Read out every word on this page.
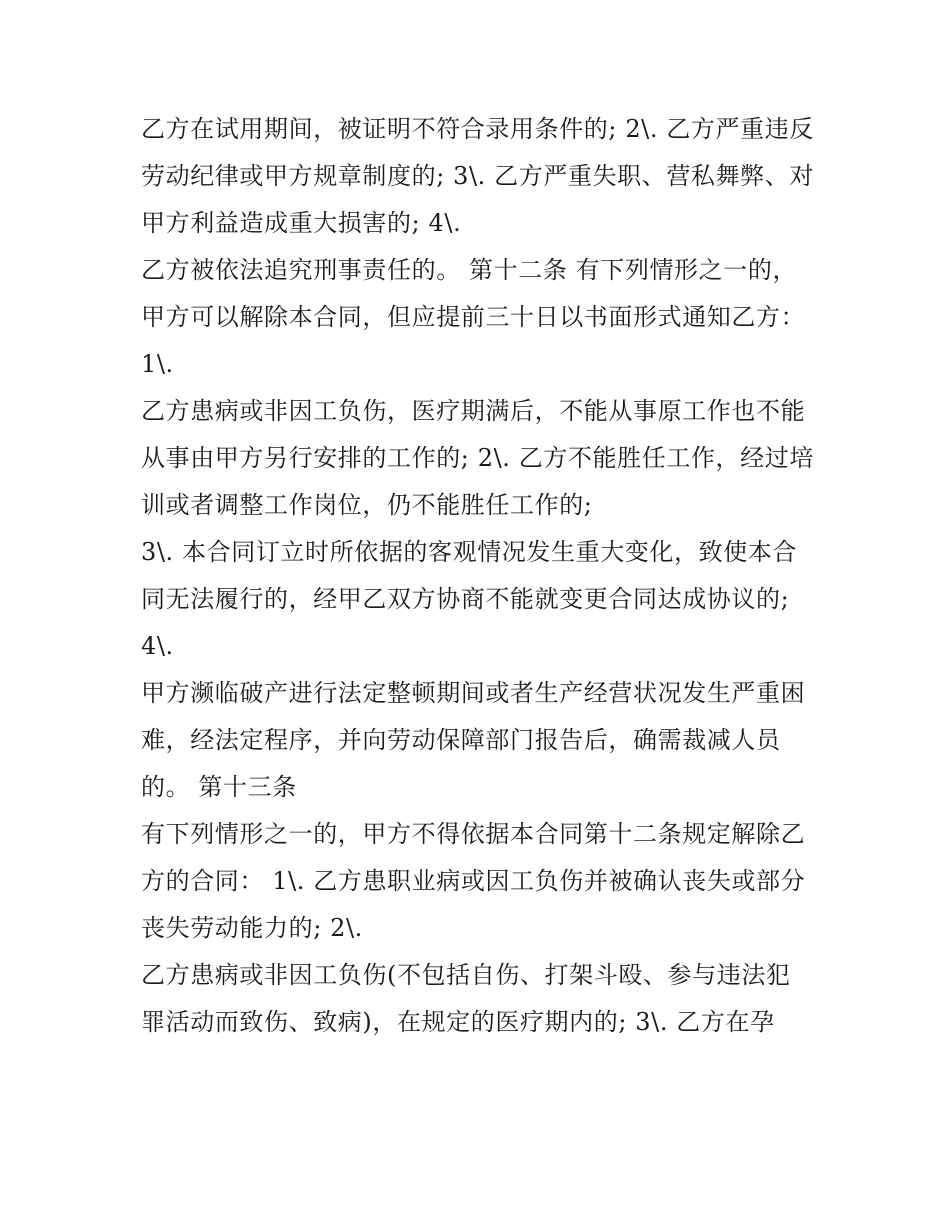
乙方在试用期间，被证明不符合录用条件的; 2\. 乙方严重违反
劳动纪律或甲方规章制度的; 3\. 乙方严重失职、营私舞弊、对
甲方利益造成重大损害的; 4\.
乙方被依法追究刑事责任的。 第十二条 有下列情形之一的，
甲方可以解除本合同，但应提前三十日以书面形式通知乙方：
1\.
乙方患病或非因工负伤，医疗期满后，不能从事原工作也不能
从事由甲方另行安排的工作的; 2\. 乙方不能胜任工作，经过培
训或者调整工作岗位，仍不能胜任工作的;
3\. 本合同订立时所依据的客观情况发生重大变化，致使本合
同无法履行的，经甲乙双方协商不能就变更合同达成协议的;
4\.
甲方濒临破产进行法定整顿期间或者生产经营状况发生严重困
难，经法定程序，并向劳动保障部门报告后，确需裁减人员
的。 第十三条
有下列情形之一的，甲方不得依据本合同第十二条规定解除乙
方的合同： 1\. 乙方患职业病或因工负伤并被确认丧失或部分
丧失劳动能力的; 2\.
乙方患病或非因工负伤(不包括自伤、打架斗殴、参与违法犯
罪活动而致伤、致病)，在规定的医疗期内的; 3\. 乙方在孕
